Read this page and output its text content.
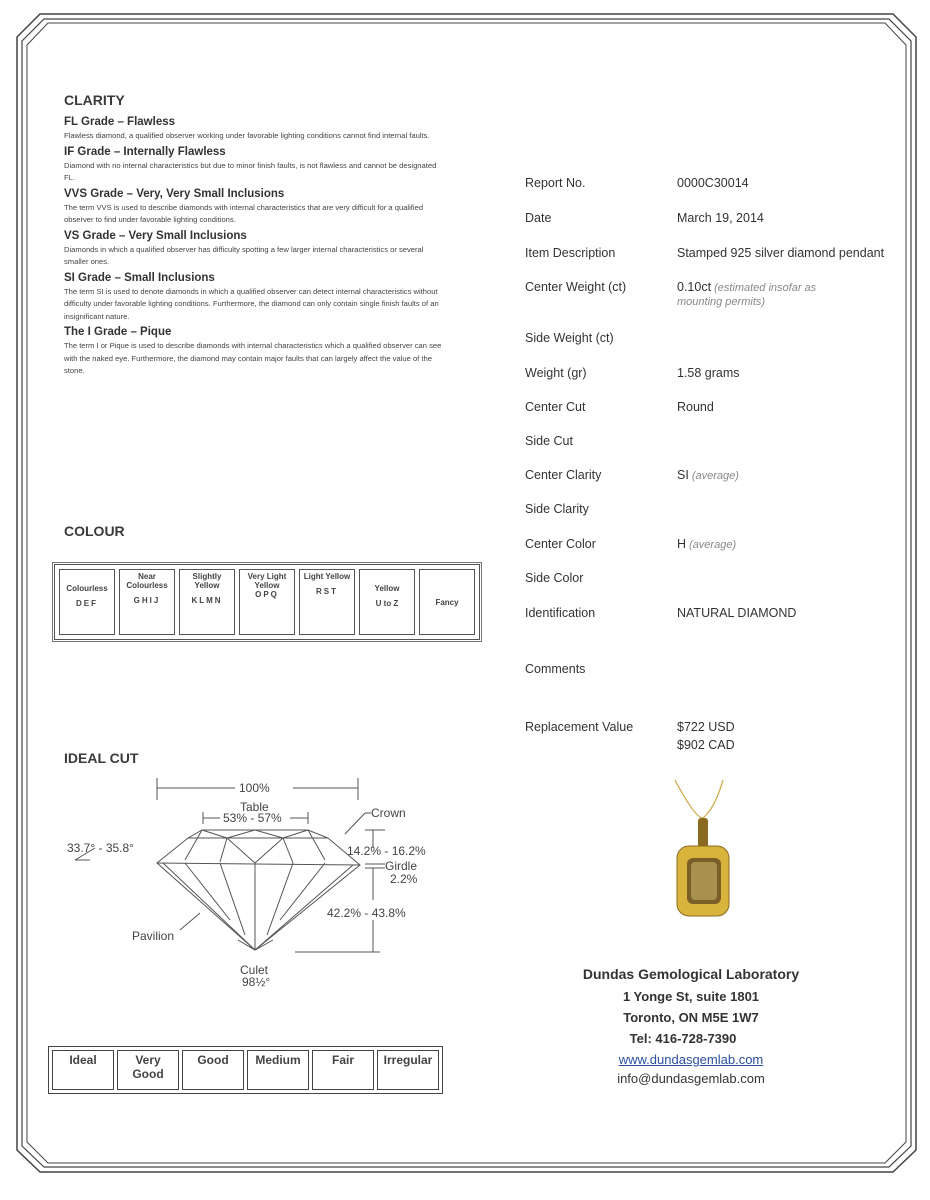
CLARITY
FL Grade – Flawless
Flawless diamond, a qualified observer working under favorable lighting conditions cannot find internal faults.
IF Grade – Internally Flawless
Diamond with no internal characteristics but due to minor finish faults, is not flawless and cannot be designated FL.
VVS Grade – Very, Very Small Inclusions
The term VVS is used to describe diamonds with internal characteristics that are very difficult for a qualified observer to find under favorable lighting conditions.
VS Grade – Very Small Inclusions
Diamonds in which a qualified observer has difficulty spotting a few larger internal characteristics or several smaller ones.
SI Grade – Small Inclusions
The term SI is used to denote diamonds in which a qualified observer can detect internal characteristics without difficulty under favorable lighting conditions. Furthermore, the diamond can only contain single finish faults of an insignificant nature.
The I Grade – Pique
The term I or Pique is used to describe diamonds with internal characteristics which a qualified observer can see with the naked eye. Furthermore, the diamond may contain major faults that can largely affect the value of the stone.
COLOUR
Colourless
DEF
	Near Colourless
GHIJ
	Slightly Yellow
KLMN
	Very Light Yellow
OPQ
	Light Yellow
RST	Yellow
U to Z	Fancy
IDEAL CUT
100%
Table
53% - 57%	Crown
33.7° - 35.8°	14.2% - 16.2%
Girdle
2.2%
42.2% - 43.8%
Pavilion
Culet
98½°
Ideal	Very Good	Good	Medium	Fair	Irregular
Report No.	0000C30014
Date	March 19, 2014
Item Description	Stamped 925 silver diamond pendant
Center Weight (ct)	0.10ct (estimated insofar as mounting permits)
Side Weight (ct)
Weight (gr)	1.58 grams
Center Cut	Round
Side Cut
Center Clarity	SI (average)
Side Clarity
Center Color	H (average)
Side Color
Identification	NATURAL DIAMOND
Comments
Replacement Value	$722 USD
$902 CAD
Dundas Gemological Laboratory
1 Yonge St, suite 1801
Toronto, ON M5E 1W7
Tel: 416-728-7390
www.dundasgemlab.com
info@dundasgemlab.com
